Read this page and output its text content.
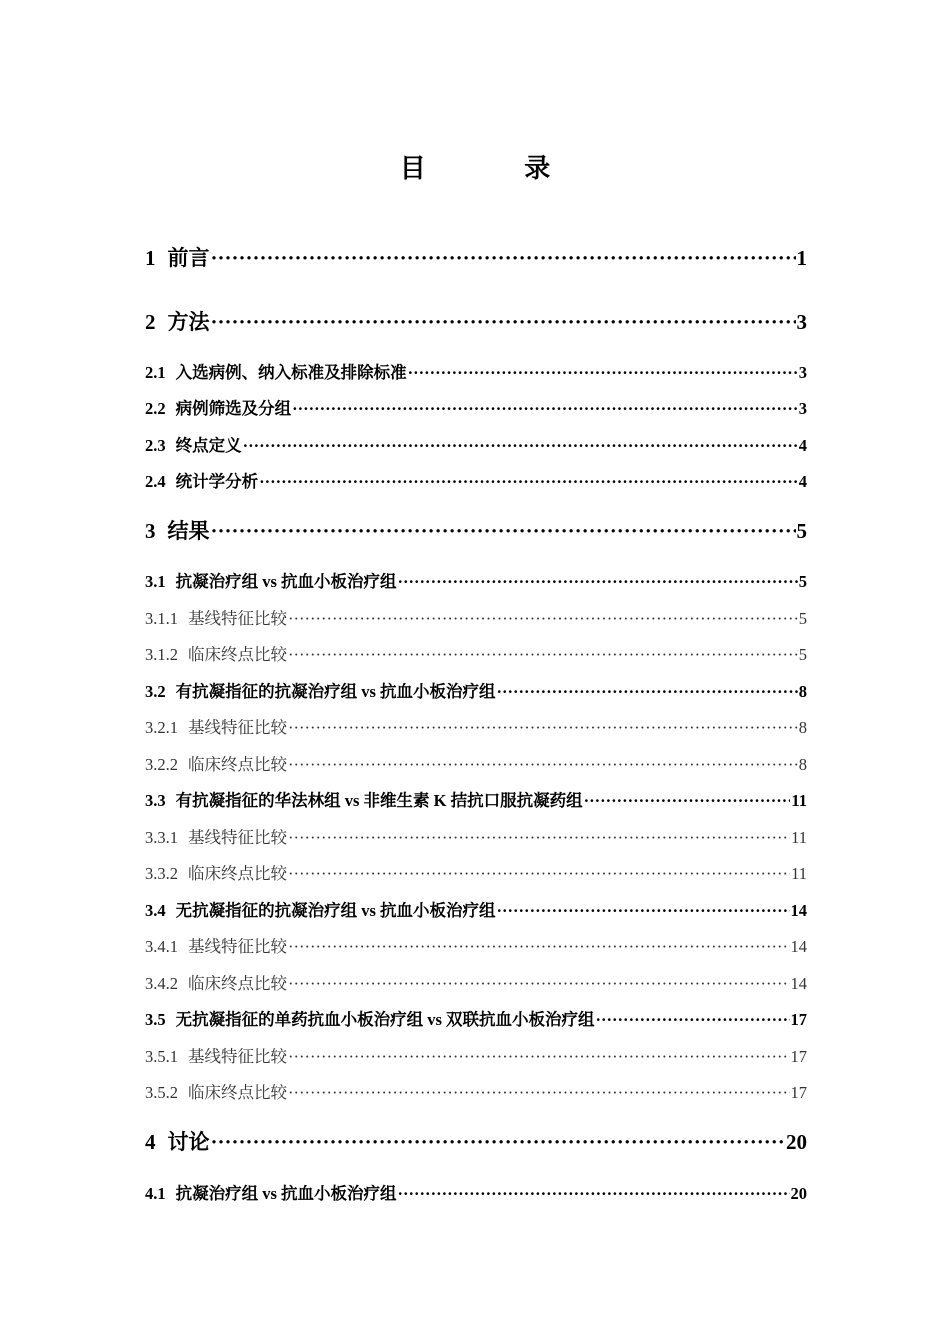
目 录
1 前言 ·····	1
2 方法 ·····	3
2.1 入选病例、纳入标准及排除标准 ·····	3
2.2 病例筛选及分组 ·····	3
2.3 终点定义 ·····	4
2.4 统计学分析 ·····	4
3 结果 ·····	5
3.1 抗凝治疗组 vs 抗血小板治疗组 ·····	5
3.1.1 基线特征比较 ·····	5
3.1.2 临床终点比较 ·····	5
3.2 有抗凝指征的抗凝治疗组 vs 抗血小板治疗组 ·····	8
3.2.1 基线特征比较 ·····	8
3.2.2 临床终点比较 ·····	8
3.3 有抗凝指征的华法林组 vs 非维生素 K 拮抗口服抗凝药组 ·····	11
3.3.1 基线特征比较 ·····	11
3.3.2 临床终点比较 ·····	11
3.4 无抗凝指征的抗凝治疗组 vs 抗血小板治疗组 ·····	14
3.4.1 基线特征比较 ·····	14
3.4.2 临床终点比较 ·····	14
3.5 无抗凝指征的单药抗血小板治疗组 vs 双联抗血小板治疗组 ·····	17
3.5.1 基线特征比较 ·····	17
3.5.2 临床终点比较 ·····	17
4 讨论 ·····	20
4.1 抗凝治疗组 vs 抗血小板治疗组 ·····	20
